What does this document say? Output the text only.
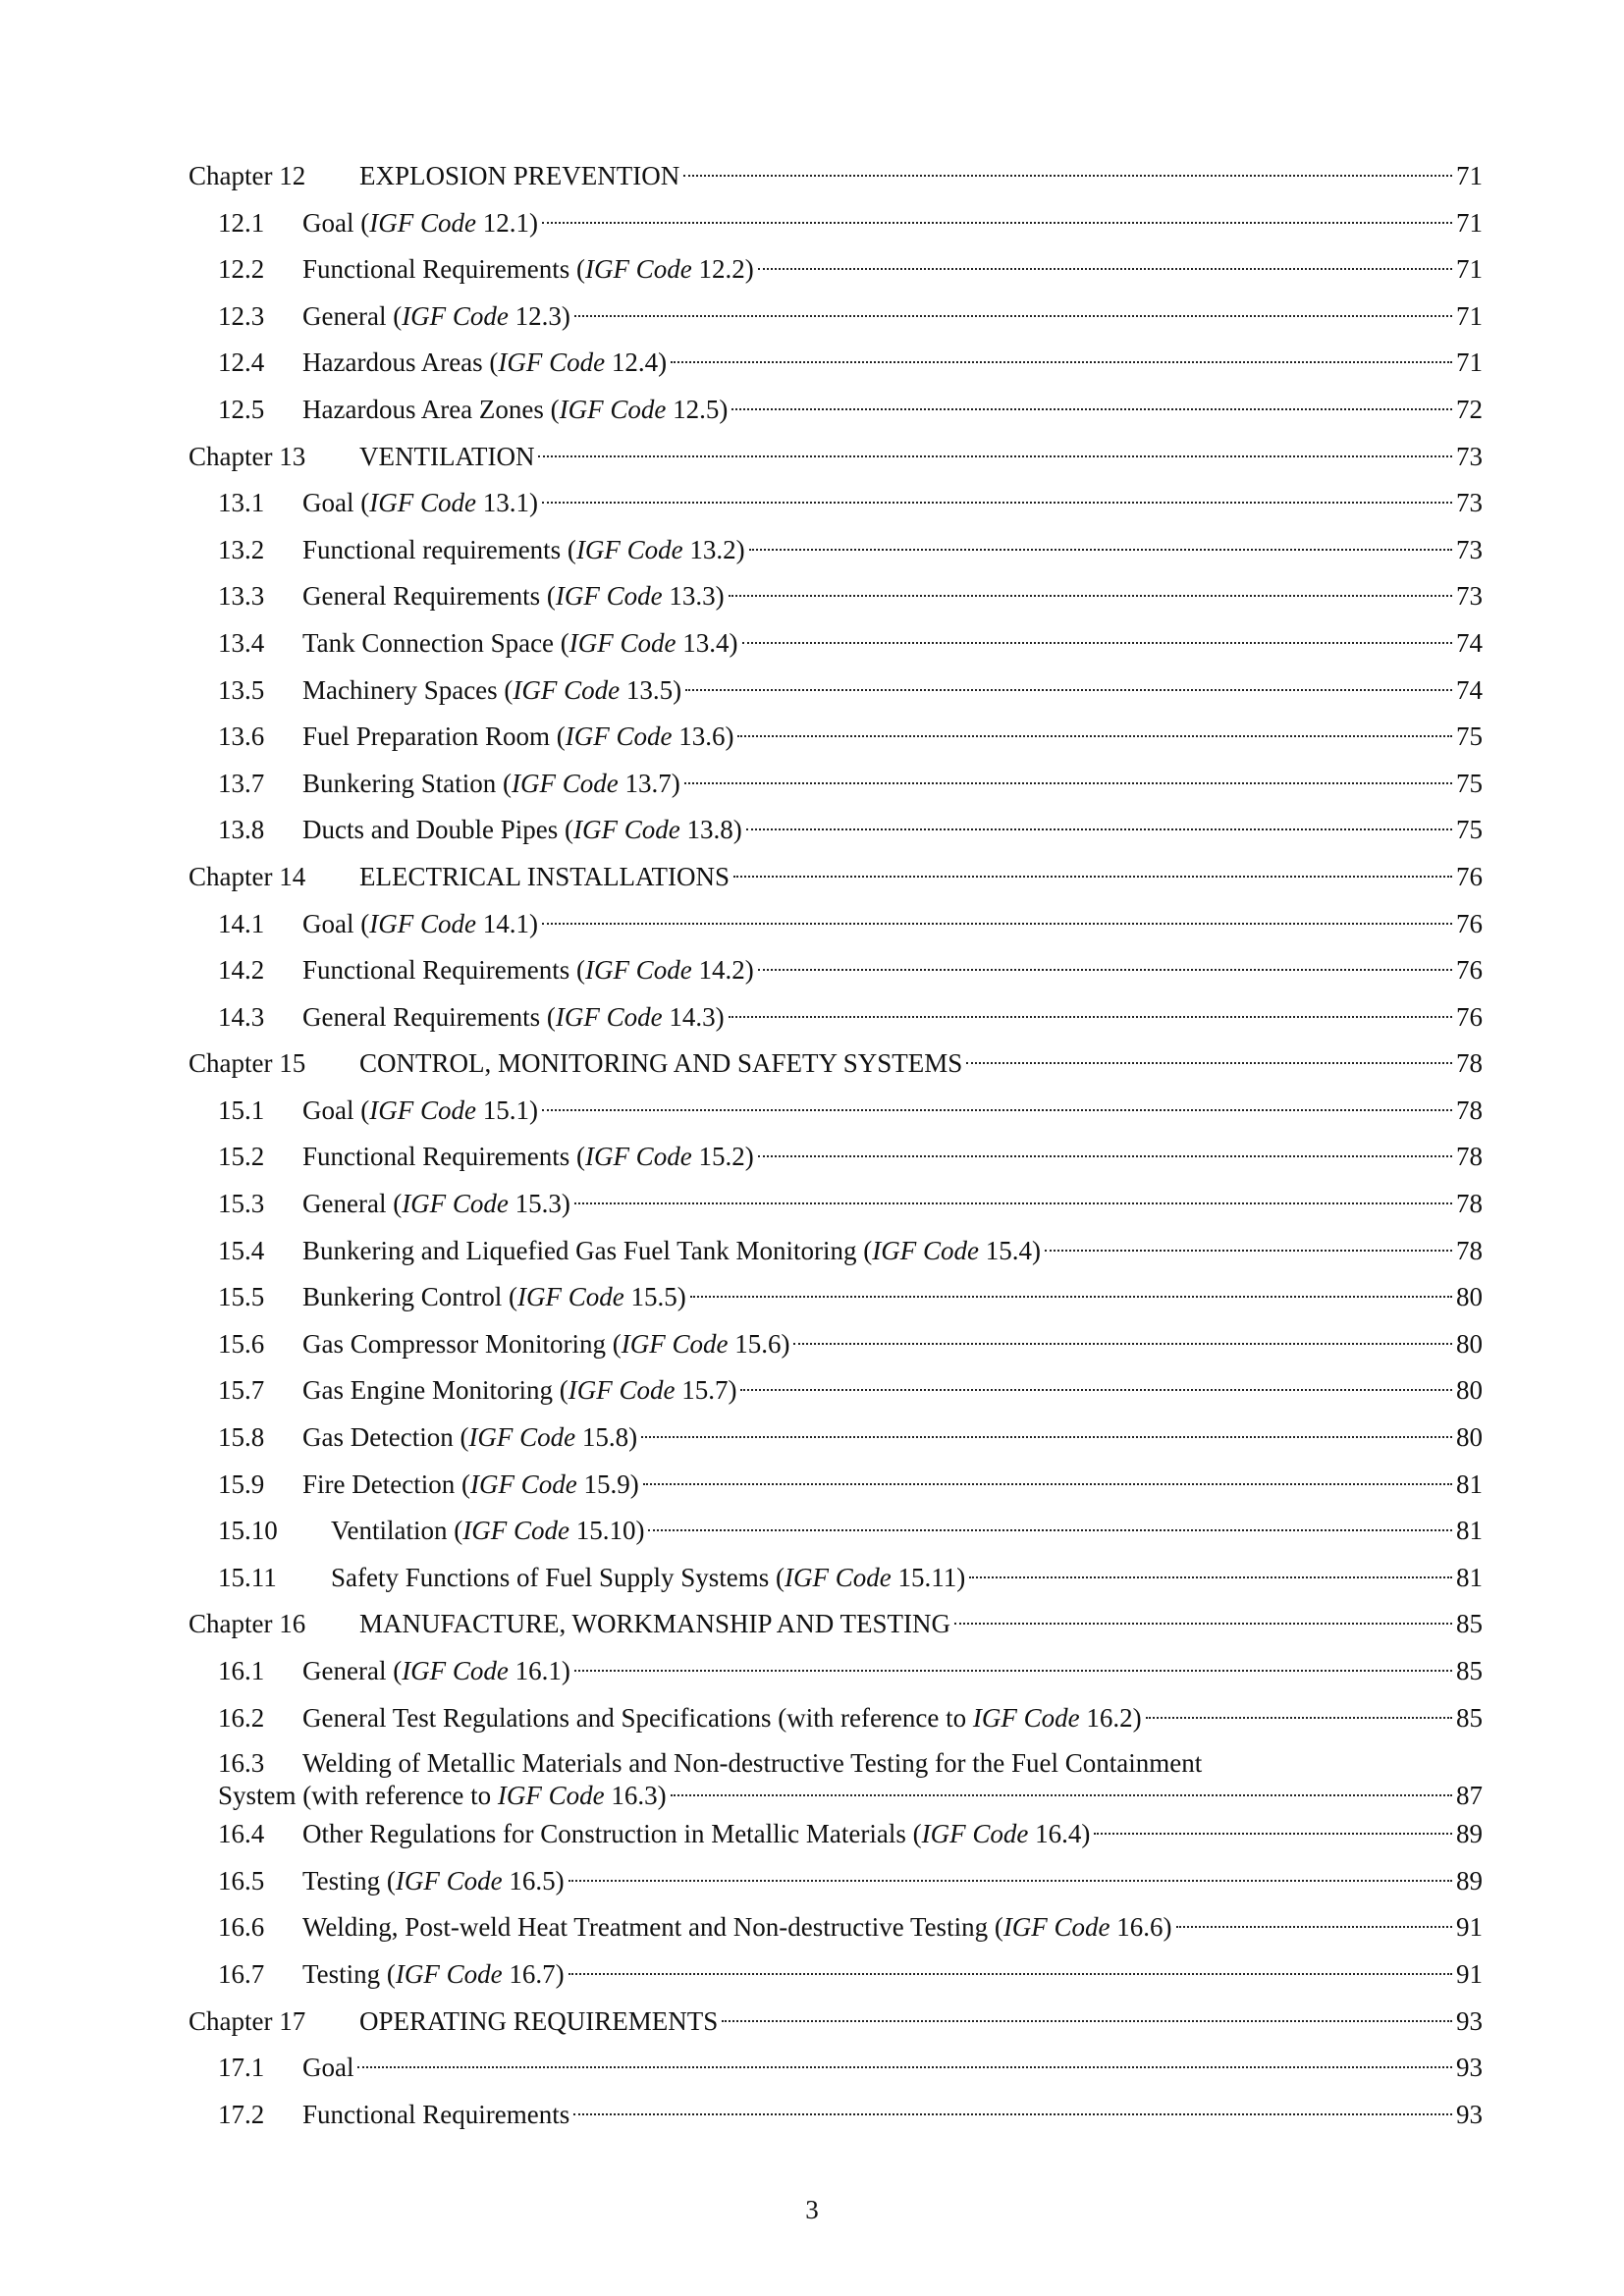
Chapter 12	EXPLOSION PREVENTION	71
12.1	Goal (IGF Code 12.1)	71
12.2	Functional Requirements (IGF Code 12.2)	71
12.3	General (IGF Code 12.3)	71
12.4	Hazardous Areas (IGF Code 12.4)	71
12.5	Hazardous Area Zones (IGF Code 12.5)	72
Chapter 13	VENTILATION	73
13.1	Goal (IGF Code 13.1)	73
13.2	Functional requirements (IGF Code 13.2)	73
13.3	General Requirements (IGF Code 13.3)	73
13.4	Tank Connection Space (IGF Code 13.4)	74
13.5	Machinery Spaces (IGF Code 13.5)	74
13.6	Fuel Preparation Room (IGF Code 13.6)	75
13.7	Bunkering Station (IGF Code 13.7)	75
13.8	Ducts and Double Pipes (IGF Code 13.8)	75
Chapter 14	ELECTRICAL INSTALLATIONS	76
14.1	Goal (IGF Code 14.1)	76
14.2	Functional Requirements (IGF Code 14.2)	76
14.3	General Requirements (IGF Code 14.3)	76
Chapter 15	CONTROL, MONITORING AND SAFETY SYSTEMS	78
15.1	Goal (IGF Code 15.1)	78
15.2	Functional Requirements (IGF Code 15.2)	78
15.3	General (IGF Code 15.3)	78
15.4	Bunkering and Liquefied Gas Fuel Tank Monitoring (IGF Code 15.4)	78
15.5	Bunkering Control (IGF Code 15.5)	80
15.6	Gas Compressor Monitoring (IGF Code 15.6)	80
15.7	Gas Engine Monitoring (IGF Code 15.7)	80
15.8	Gas Detection (IGF Code 15.8)	80
15.9	Fire Detection (IGF Code 15.9)	81
15.10	Ventilation (IGF Code 15.10)	81
15.11	Safety Functions of Fuel Supply Systems (IGF Code 15.11)	81
Chapter 16	MANUFACTURE, WORKMANSHIP AND TESTING	85
16.1	General (IGF Code 16.1)	85
16.2	General Test Regulations and Specifications (with reference to IGF Code 16.2)	85
16.3 Welding of Metallic Materials and Non-destructive Testing for the Fuel Containment
System (with reference to IGF Code 16.3)	87
16.4	Other Regulations for Construction in Metallic Materials (IGF Code 16.4)	89
16.5	Testing (IGF Code 16.5)	89
16.6	Welding, Post-weld Heat Treatment and Non-destructive Testing (IGF Code 16.6)	91
16.7	Testing (IGF Code 16.7)	91
Chapter 17	OPERATING REQUIREMENTS	93
17.1	Goal	93
17.2	Functional Requirements	93
3
